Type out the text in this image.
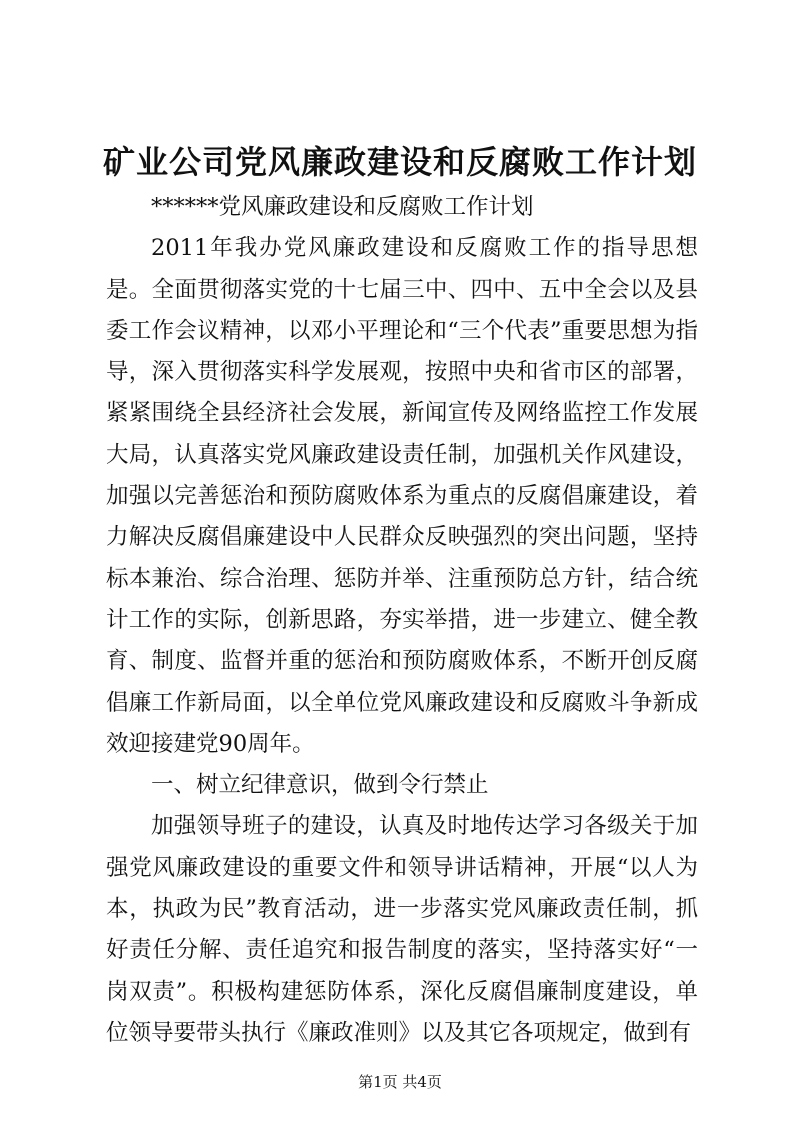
矿业公司党风廉政建设和反腐败工作计划

******党风廉政建设和反腐败工作计划

2011年我办党风廉政建设和反腐败工作的指导思想是。全面贯彻落实党的十七届三中、四中、五中全会以及县委工作会议精神，以邓小平理论和“三个代表”重要思想为指导，深入贯彻落实科学发展观，按照中央和省市区的部署，紧紧围绕全县经济社会发展，新闻宣传及网络监控工作发展大局，认真落实党风廉政建设责任制，加强机关作风建设，加强以完善惩治和预防腐败体系为重点的反腐倡廉建设，着力解决反腐倡廉建设中人民群众反映强烈的突出问题，坚持标本兼治、综合治理、惩防并举、注重预防总方针，结合统计工作的实际，创新思路，夯实举措，进一步建立、健全教育、制度、监督并重的惩治和预防腐败体系，不断开创反腐倡廉工作新局面，以全单位党风廉政建设和反腐败斗争新成效迎接建党90周年。

一、树立纪律意识，做到令行禁止

加强领导班子的建设，认真及时地传达学习各级关于加强党风廉政建设的重要文件和领导讲话精神，开展“以人为本，执政为民”教育活动，进一步落实党风廉政责任制，抓好责任分解、责任追究和报告制度的落实，坚持落实好“一岗双责”。积极构建惩防体系，深化反腐倡廉制度建设，单位领导要带头执行《廉政准则》以及其它各项规定，做到有

第1页 共4页
